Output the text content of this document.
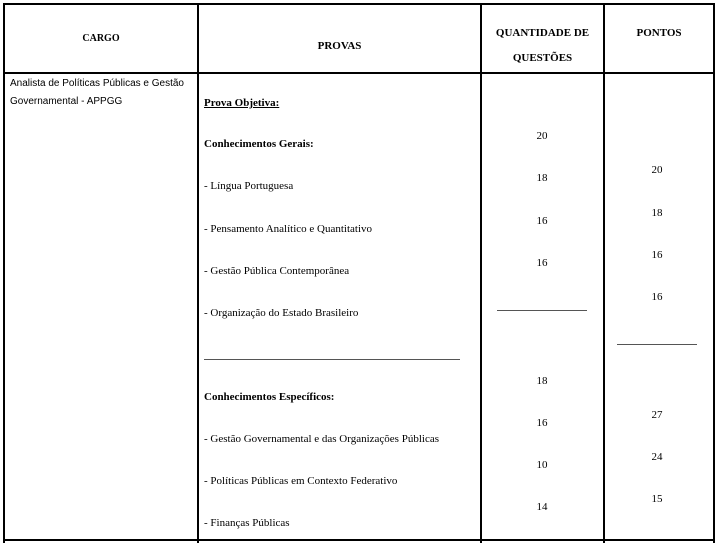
CARGO
PROVAS
QUANTIDADE DE
QUESTÕES
PONTOS
Analista de Políticas Públicas e Gestão
Governamental - APPGG	Prova Objetiva:
Conhecimentos Gerais:
- Língua Portuguesa
- Pensamento Analítico e Quantitativo
- Gestão Pública Contemporânea
- Organização do Estado Brasileiro
Conhecimentos Específicos:
- Gestão Governamental e das Organizações Públicas
- Políticas Públicas em Contexto Federativo
- Finanças Públicas
20
18
16
16
18
16
10
14
20
18
16
16
27
24
15
